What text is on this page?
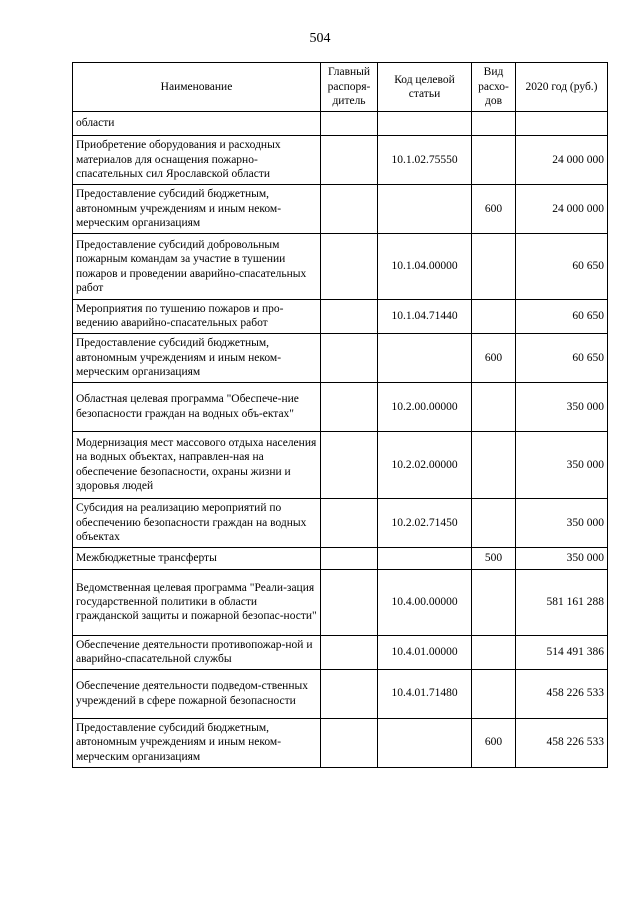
504
Наименование	Главный распоря-дитель	Код целевой статьи	Вид расхо-дов	2020 год (руб.)
области				
Приобретение оборудования и расходных материалов для оснащения пожарно-спасательных сил Ярославской области		10.1.02.75550		24 000 000
Предоставление субсидий бюджетным, автономным учреждениям и иным неком-мерческим организациям			600	24 000 000
Предоставление субсидий добровольным пожарным командам за участие в тушении пожаров и проведении аварийно-спасательных работ		10.1.04.00000		60 650
Мероприятия по тушению пожаров и про-ведению аварийно-спасательных работ		10.1.04.71440		60 650
Предоставление субсидий бюджетным, автономным учреждениям и иным неком-мерческим организациям			600	60 650
Областная целевая программа "Обеспече-ние безопасности граждан на водных объ-ектах"		10.2.00.00000		350 000
Модернизация мест массового отдыха населения на водных объектах, направлен-ная на обеспечение безопасности, охраны жизни и здоровья людей		10.2.02.00000		350 000
Субсидия на реализацию мероприятий по обеспечению безопасности граждан на водных объектах		10.2.02.71450		350 000
Межбюджетные трансферты			500	350 000
Ведомственная целевая программа "Реали-зация государственной политики в области гражданской защиты и пожарной безопас-ности"		10.4.00.00000		581 161 288
Обеспечение деятельности противопожар-ной и аварийно-спасательной службы		10.4.01.00000		514 491 386
Обеспечение деятельности подведом-ственных учреждений в сфере пожарной безопасности		10.4.01.71480		458 226 533
Предоставление субсидий бюджетным, автономным учреждениям и иным неком-мерческим организациям			600	458 226 533
